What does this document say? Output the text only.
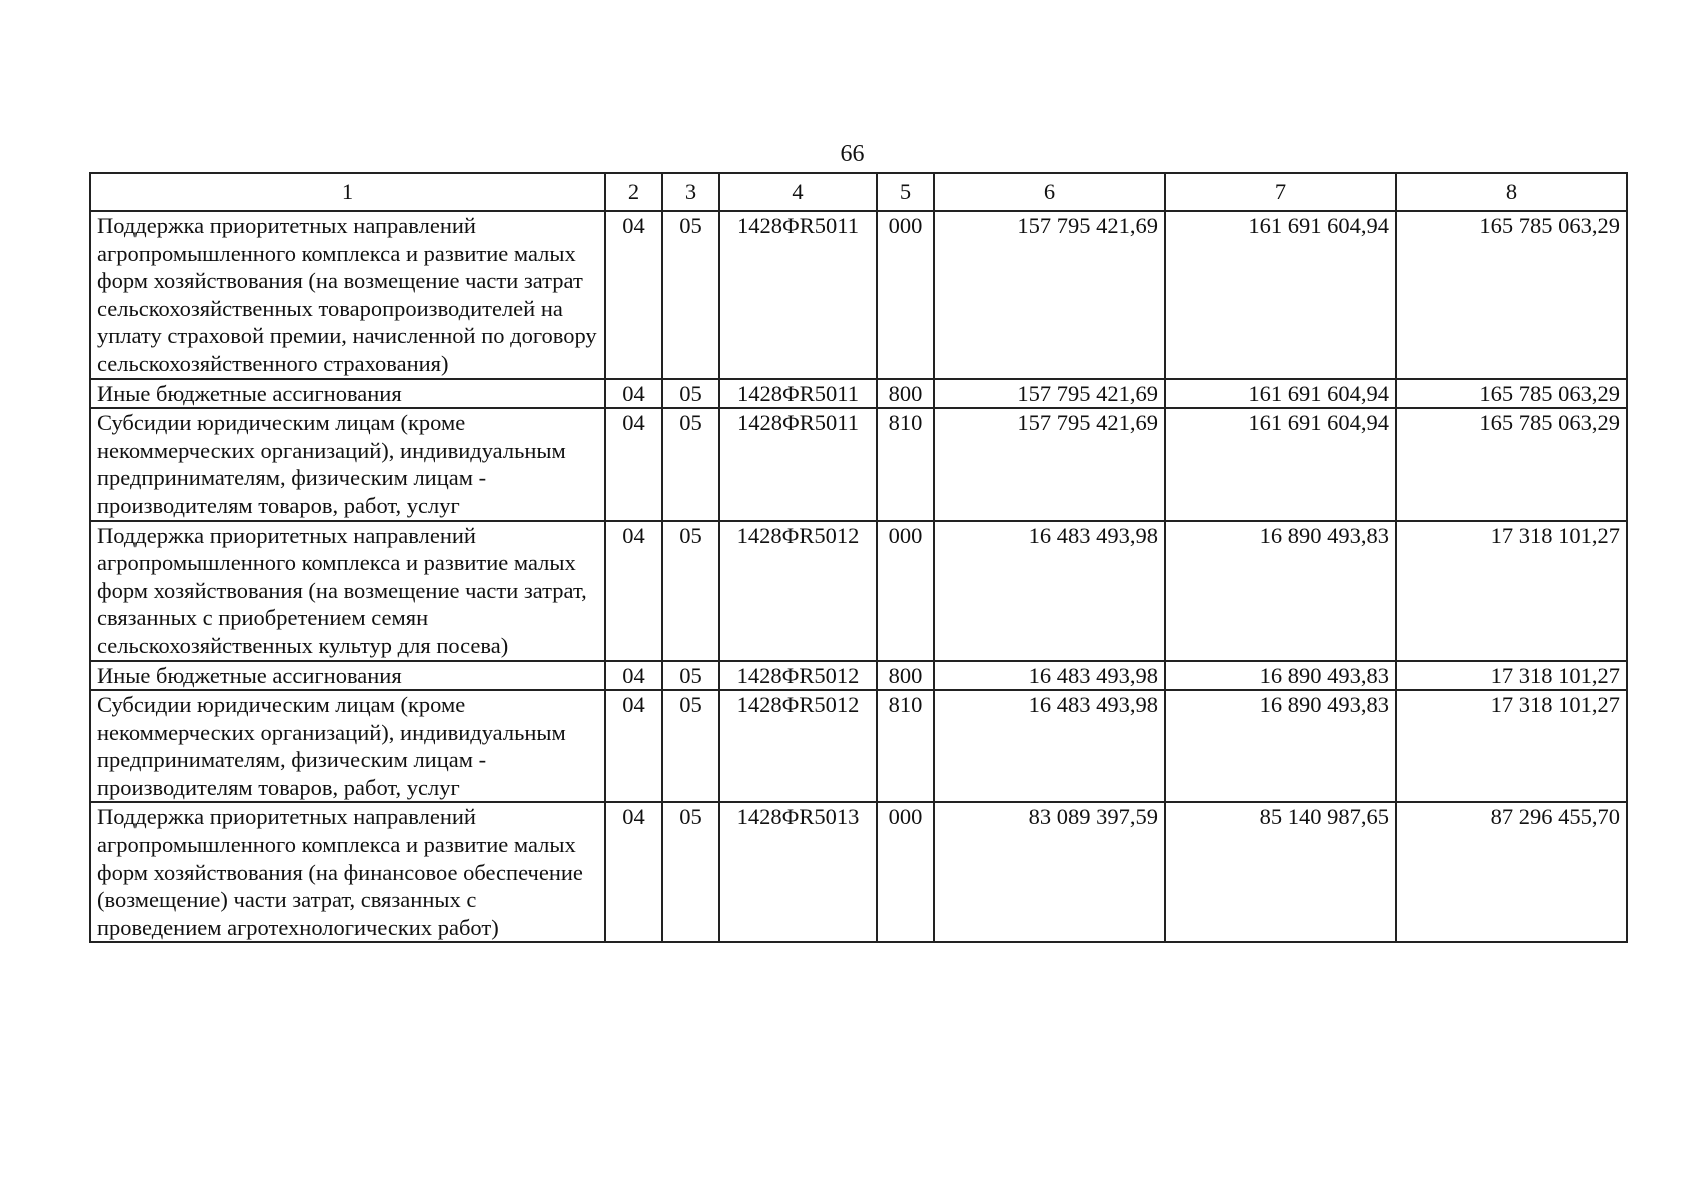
66
1	2	3	4	5	6	7	8
Поддержка приоритетных направлений агропромышленного комплекса и развитие малых форм хозяйствования (на возмещение части затрат сельскохозяйственных товаропроизводителей на уплату страховой премии, начисленной по договору сельскохозяйственного страхования)	04	05	1428ФR5011	000	157 795 421,69	161 691 604,94	165 785 063,29
Иные бюджетные ассигнования	04	05	1428ФR5011	800	157 795 421,69	161 691 604,94	165 785 063,29
Субсидии юридическим лицам (кроме некоммерческих организаций), индивидуальным предпринимателям, физическим лицам - производителям товаров, работ, услуг	04	05	1428ФR5011	810	157 795 421,69	161 691 604,94	165 785 063,29
Поддержка приоритетных направлений агропромышленного комплекса и развитие малых форм хозяйствования (на возмещение части затрат, связанных с приобретением семян сельскохозяйственных культур для посева)	04	05	1428ФR5012	000	16 483 493,98	16 890 493,83	17 318 101,27
Иные бюджетные ассигнования	04	05	1428ФR5012	800	16 483 493,98	16 890 493,83	17 318 101,27
Субсидии юридическим лицам (кроме некоммерческих организаций), индивидуальным предпринимателям, физическим лицам - производителям товаров, работ, услуг	04	05	1428ФR5012	810	16 483 493,98	16 890 493,83	17 318 101,27
Поддержка приоритетных направлений агропромышленного комплекса и развитие малых форм хозяйствования (на финансовое обеспечение (возмещение) части затрат, связанных с проведением агротехнологических работ)	04	05	1428ФR5013	000	83 089 397,59	85 140 987,65	87 296 455,70
